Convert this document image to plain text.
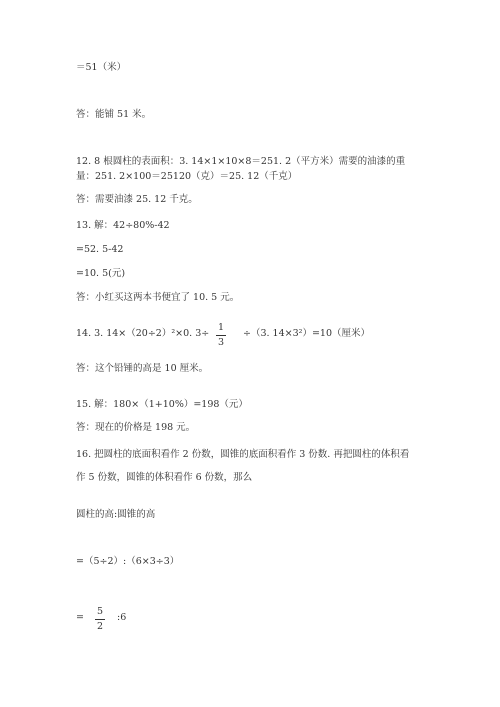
＝51（米）
答：能铺 51 米。
12. 8 根圆柱的表面积：3. 14×1×10×8＝251. 2（平方米）需要的油漆的重
量：251. 2×100＝25120（克）＝25. 12（千克）
答：需要油漆 25. 12 千克。
13. 解：42÷80%-42
=52. 5-42
=10. 5(元)
答：小红买这两本书便宜了 10. 5 元。
14. 3. 14×（20÷2）²×0. 3÷
1
3
÷（3. 14×3²）=10（厘米）
答：这个铅锤的高是 10 厘米。
15. 解：180×（1+10%）=198（元）
答：现在的价格是 198 元。
16. 把圆柱的底面积看作 2 份数，圆锥的底面积看作 3 份数. 再把圆柱的体积看
作 5 份数，圆锥的体积看作 6 份数，那么
圆柱的高:圆锥的高
=（5÷2）:（6×3÷3）
=
5
2
:6
